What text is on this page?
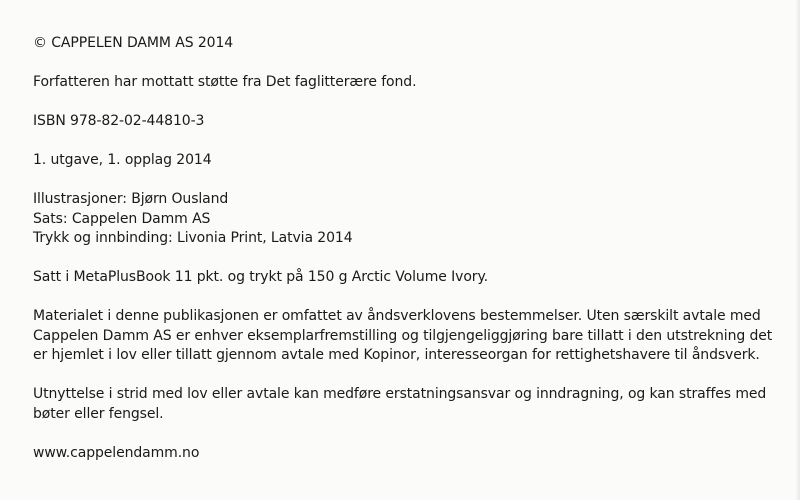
© CAPPELEN DAMM AS 2014

Forfatteren har mottatt støtte fra Det faglitterære fond.

ISBN 978-82-02-44810-3

1. utgave, 1. opplag 2014

Illustrasjoner: Bjørn Ousland
Sats: Cappelen Damm AS
Trykk og innbinding: Livonia Print, Latvia 2014

Satt i MetaPlusBook 11 pkt. og trykt på 150 g Arctic Volume Ivory.

Materialet i denne publikasjonen er omfattet av åndsverklovens bestemmelser. Uten særskilt avtale med
Cappelen Damm AS er enhver eksemplarfremstilling og tilgjengeliggjøring bare tillatt i den utstrekning det
er hjemlet i lov eller tillatt gjennom avtale med Kopinor, interesseorgan for rettighetshavere til åndsverk.

Utnyttelse i strid med lov eller avtale kan medføre erstatningsansvar og inndragning, og kan straffes med
bøter eller fengsel.

www.cappelendamm.no
